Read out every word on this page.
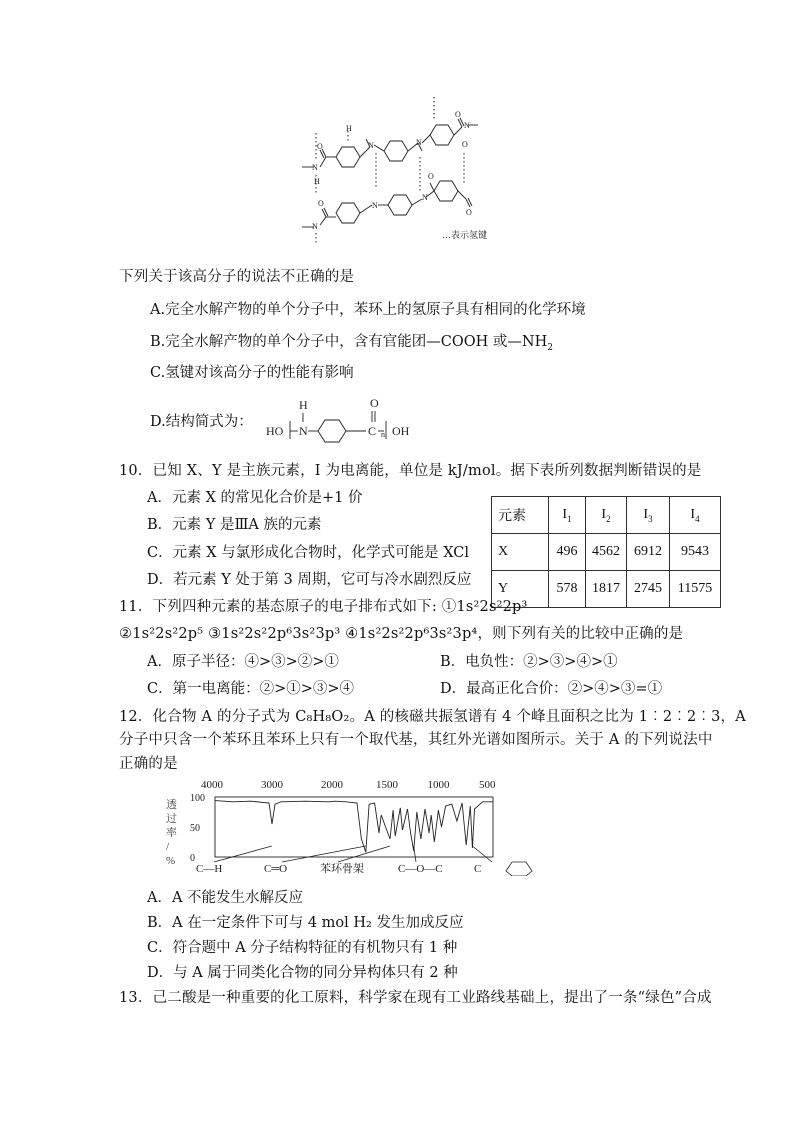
N
H
O	N
H
N
N
O
O
N
O	N
N
O
O
…表示氢键
下列关于该高分子的说法不正确的是
A.完全水解产物的单个分子中，苯环上的氢原子具有相同的化学环境
B.完全水解产物的单个分子中，含有官能团—COOH 或$—NH_2$
C.氢键对该高分子的性能有影响
D.结构简式为：
HO N
H	O
C OH
n
10．已知 X、Y 是主族元素，I 为电离能，单位是 kJ/mol。据下表所列数据判断错误的是
A．元素 X 的常见化合价是+1 价
B．元素 Y 是ⅢA 族的元素
C．元素 X 与氯形成化合物时，化学式可能是 XCl
D．若元素 Y 处于第 3 周期，它可与冷水剧烈反应
元素	$I_1$	$I_2$	$I_3$	$I_4$
X	496	4562	6912	9543
Y	578	1817	2745	11575
11．下列四种元素的基态原子的电子排布式如下: ①1s²2s²2p³
②1s²2s²2p⁵ ③1s²2s²2p⁶3s²3p³ ④1s²2s²2p⁶3s²3p⁴，则下列有关的比较中正确的是
A．原子半径：④>③>②>①	B．电负性：②>③>④>①
C．第一电离能：②>①>③>④	D．最高正化合价：②>④>③=①
12．化合物 A 的分子式为 C₈H₈O₂。A 的核磁共振氢谱有 4 个峰且面积之比为 1︰2︰2︰3，A
分子中只含一个苯环且苯环上只有一个取代基，其红外光谱如图所示。关于 A 的下列说法中
正确的是
4000	3000	2000	1500	1000	500
100
50
0
透
过
率
/
%
C—H	C═O	苯环骨架	C—O—C	C
A．A 不能发生水解反应
B．A 在一定条件下可与 4 mol H₂ 发生加成反应
C．符合题中 A 分子结构特征的有机物只有 1 种
D．与 A 属于同类化合物的同分异构体只有 2 种
13．己二酸是一种重要的化工原料，科学家在现有工业路线基础上，提出了一条“绿色”合成
